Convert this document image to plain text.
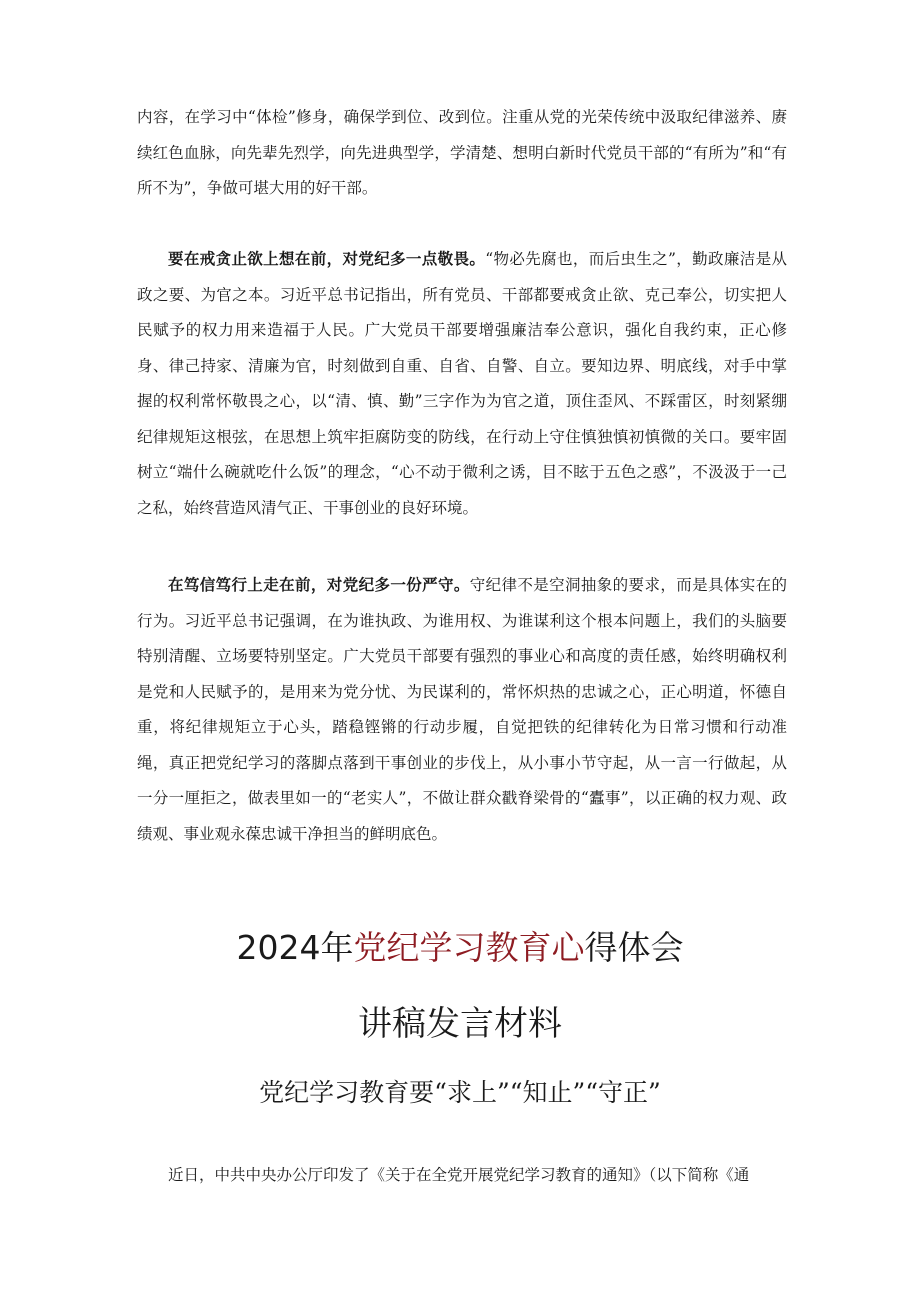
内容，在学习中“体检”修身，确保学到位、改到位。注重从党的光荣传统中汲取纪律滋养、赓续红色血脉，向先辈先烈学，向先进典型学，学清楚、想明白新时代党员干部的“有所为”和“有所不为”，争做可堪大用的好干部。

要在戒贪止欲上想在前，对党纪多一点敬畏。“物必先腐也，而后虫生之”，勤政廉洁是从政之要、为官之本。习近平总书记指出，所有党员、干部都要戒贪止欲、克己奉公，切实把人民赋予的权力用来造福于人民。广大党员干部要增强廉洁奉公意识，强化自我约束，正心修身、律己持家、清廉为官，时刻做到自重、自省、自警、自立。要知边界、明底线，对手中掌握的权利常怀敬畏之心，以“清、慎、勤”三字作为为官之道，顶住歪风、不踩雷区，时刻紧绷纪律规矩这根弦，在思想上筑牢拒腐防变的防线，在行动上守住慎独慎初慎微的关口。要牢固树立“端什么碗就吃什么饭”的理念，“心不动于微利之诱，目不眩于五色之惑”，不汲汲于一己之私，始终营造风清气正、干事创业的良好环境。

在笃信笃行上走在前，对党纪多一份严守。守纪律不是空洞抽象的要求，而是具体实在的行为。习近平总书记强调，在为谁执政、为谁用权、为谁谋利这个根本问题上，我们的头脑要特别清醒、立场要特别坚定。广大党员干部要有强烈的事业心和高度的责任感，始终明确权利是党和人民赋予的，是用来为党分忧、为民谋利的，常怀炽热的忠诚之心，正心明道，怀德自重，将纪律规矩立于心头，踏稳铿锵的行动步履，自觉把铁的纪律转化为日常习惯和行动准绳，真正把党纪学习的落脚点落到干事创业的步伐上，从小事小节守起，从一言一行做起，从一分一厘拒之，做表里如一的“老实人”，不做让群众戳脊梁骨的“蠹事”，以正确的权力观、政绩观、事业观永葆忠诚干净担当的鲜明底色。

2024年党纪学习教育心得体会
讲稿发言材料
党纪学习教育要“求上”“知止”“守正”

近日，中共中央办公厅印发了《关于在全党开展党纪学习教育的通知》（以下简称《通
